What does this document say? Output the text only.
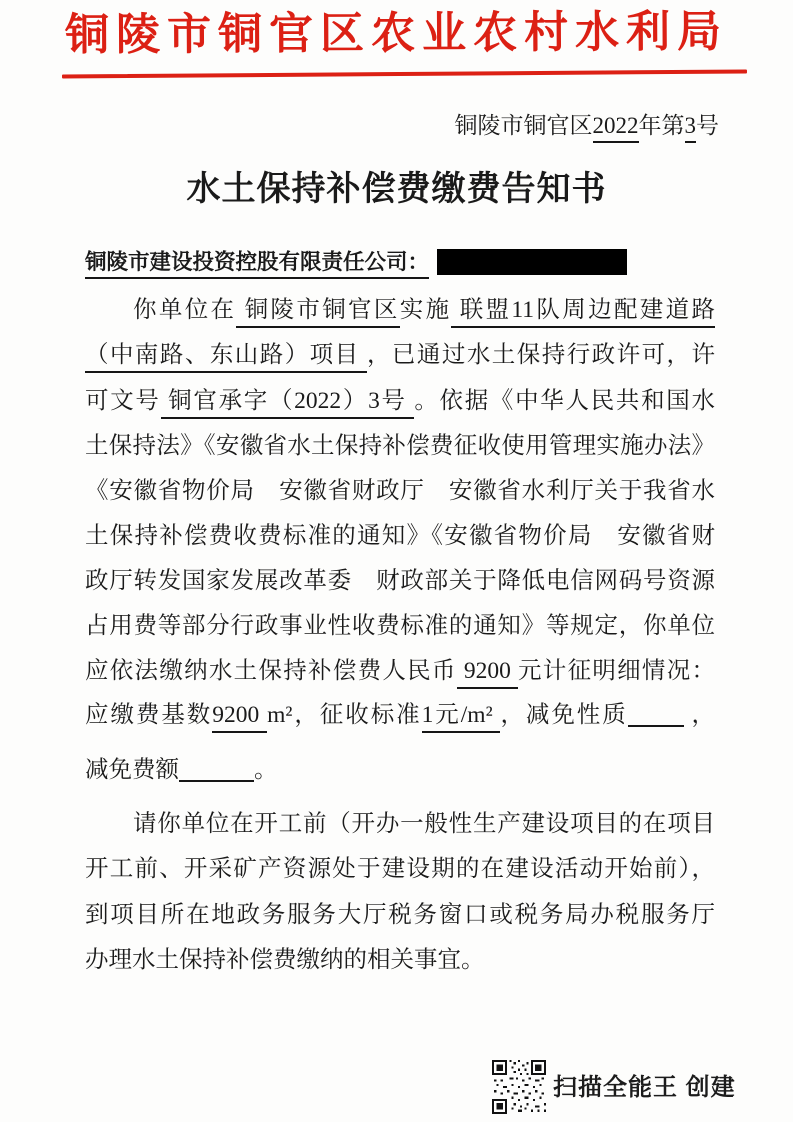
铜陵市铜官区农业农村水利局
铜陵市铜官区2022年第3号
水土保持补偿费缴费告知书
铜陵市建设投资控股有限责任公司：
你单位在 铜陵市铜官区实施 联盟11队周边配建道路
（中南路、东山路）项目 ，已通过水土保持行政许可，许
可文号 铜官承字（2022）3号 。依据《中华人民共和国水
土保持法》《安徽省水土保持补偿费征收使用管理实施办法》
《安徽省物价局　安徽省财政厅　安徽省水利厅关于我省水
土保持补偿费收费标准的通知》《安徽省物价局　安徽省财
政厅转发国家发展改革委　财政部关于降低电信网码号资源
占用费等部分行政事业性收费标准的通知》等规定，你单位
应依法缴纳水土保持补偿费人民币 9200 元计征明细情况：
应缴费基数9200 m²，征收标准1元/m² ，减免性质 ，
减免费额	。
请你单位在开工前（开办一般性生产建设项目的在项目
开工前、开采矿产资源处于建设期的在建设活动开始前），
到项目所在地政务服务大厅税务窗口或税务局办税服务厅
办理水土保持补偿费缴纳的相关事宜。
扫描全能王 创建
